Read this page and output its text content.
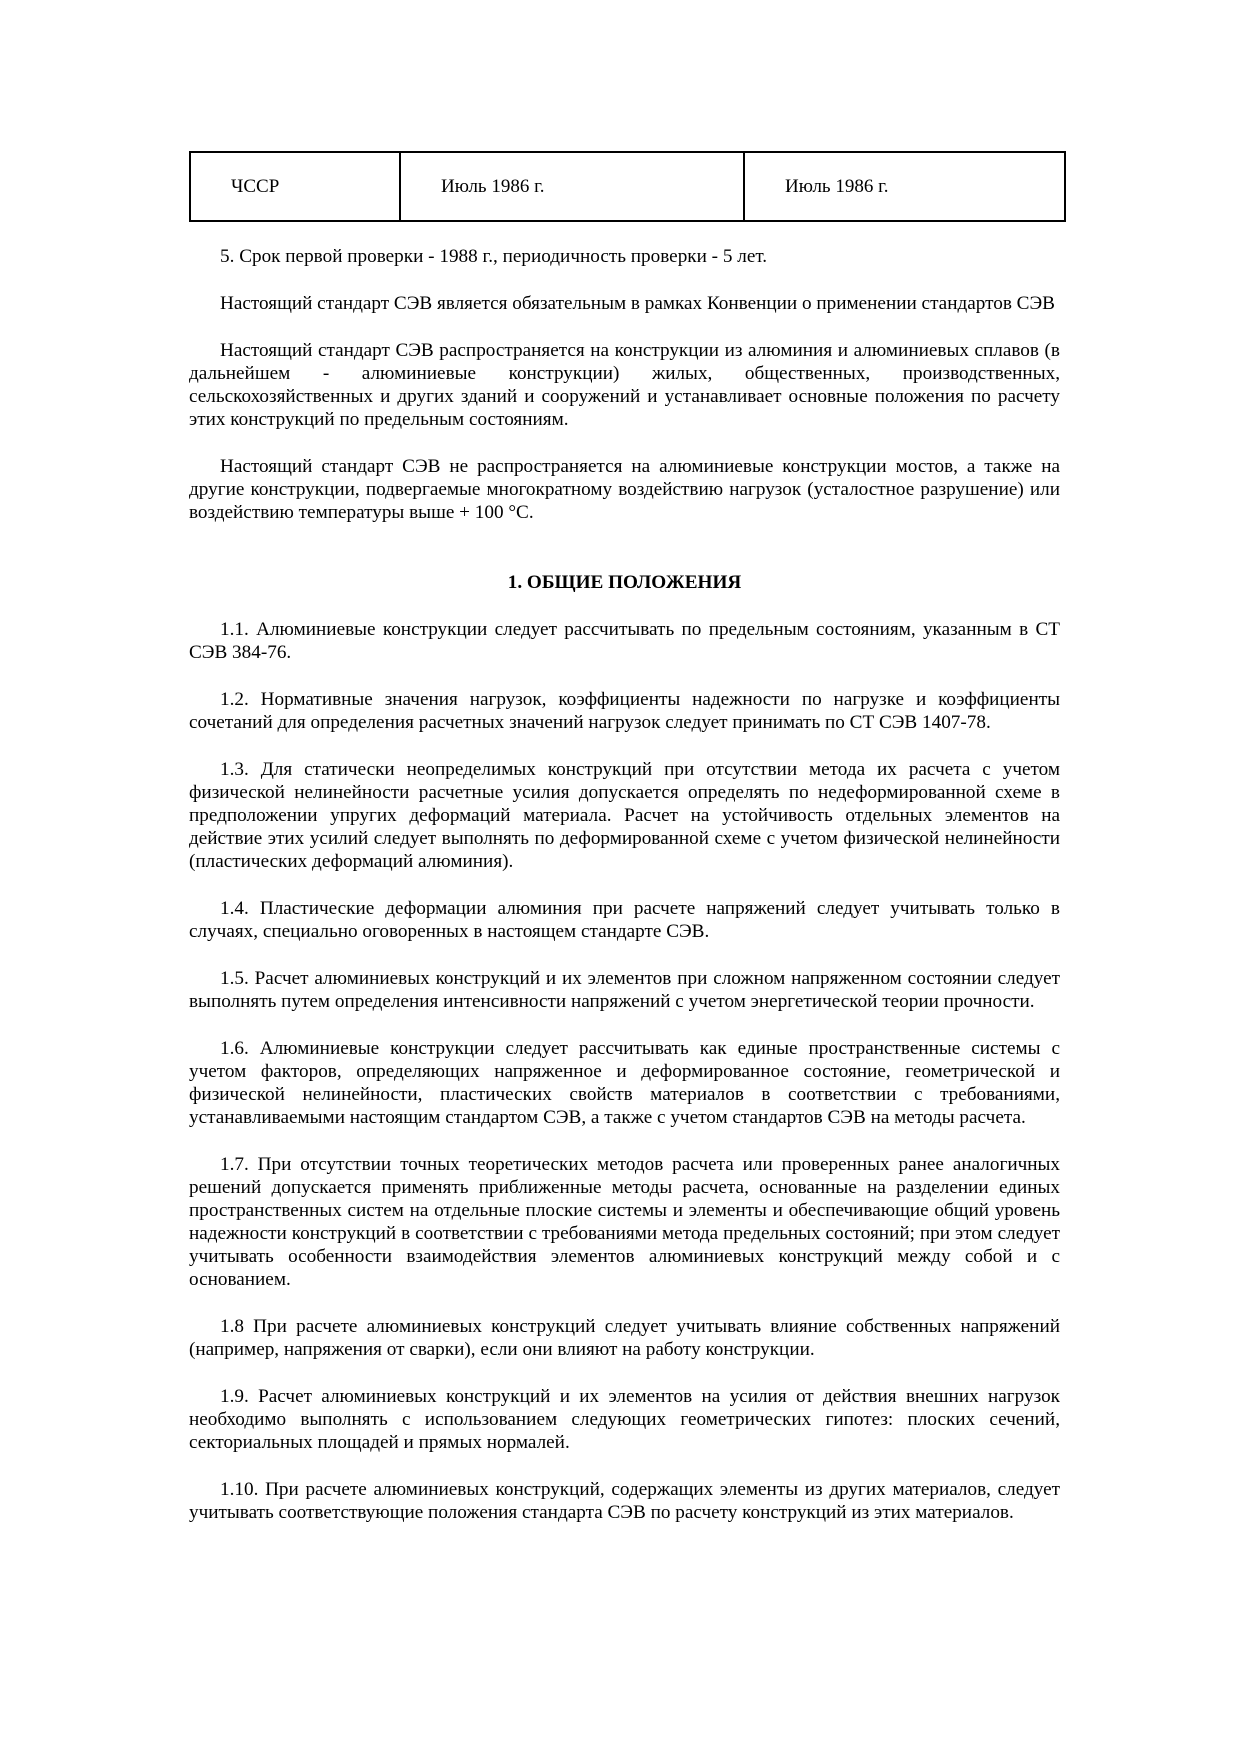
ЧССР	Июль 1986 г.	Июль 1986 г.

5. Срок первой проверки - 1988 г., периодичность проверки - 5 лет.

Настоящий стандарт СЭВ является обязательным в рамках Конвенции о применении стандартов СЭВ

Настоящий стандарт СЭВ распространяется на конструкции из алюминия и алюминиевых сплавов (в дальнейшем - алюминиевые конструкции) жилых, общественных, производственных, сельскохозяйственных и других зданий и сооружений и устанавливает основные положения по расчету этих конструкций по предельным состояниям.

Настоящий стандарт СЭВ не распространяется на алюминиевые конструкции мостов, а также на другие конструкции, подвергаемые многократному воздействию нагрузок (усталостное разрушение) или воздействию температуры выше + 100 °С.

1. ОБЩИЕ ПОЛОЖЕНИЯ

1.1. Алюминиевые конструкции следует рассчитывать по предельным состояниям, указанным в СТ СЭВ 384-76.

1.2. Нормативные значения нагрузок, коэффициенты надежности по нагрузке и коэффициенты сочетаний для определения расчетных значений нагрузок следует принимать по СТ СЭВ 1407-78.

1.3. Для статически неопределимых конструкций при отсутствии метода их расчета с учетом физической нелинейности расчетные усилия допускается определять по недеформированной схеме в предположении упругих деформаций материала. Расчет на устойчивость отдельных элементов на действие этих усилий следует выполнять по деформированной схеме с учетом физической нелинейности (пластических деформаций алюминия).

1.4. Пластические деформации алюминия при расчете напряжений следует учитывать только в случаях, специально оговоренных в настоящем стандарте СЭВ.

1.5. Расчет алюминиевых конструкций и их элементов при сложном напряженном состоянии следует выполнять путем определения интенсивности напряжений с учетом энергетической теории прочности.

1.6. Алюминиевые конструкции следует рассчитывать как единые пространственные системы с учетом факторов, определяющих напряженное и деформированное состояние, геометрической и физической нелинейности, пластических свойств материалов в соответствии с требованиями, устанавливаемыми настоящим стандартом СЭВ, а также с учетом стандартов СЭВ на методы расчета.

1.7. При отсутствии точных теоретических методов расчета или проверенных ранее аналогичных решений допускается применять приближенные методы расчета, основанные на разделении единых пространственных систем на отдельные плоские системы и элементы и обеспечивающие общий уровень надежности конструкций в соответствии с требованиями метода предельных состояний; при этом следует учитывать особенности взаимодействия элементов алюминиевых конструкций между собой и с основанием.

1.8 При расчете алюминиевых конструкций следует учитывать влияние собственных напряжений (например, напряжения от сварки), если они влияют на работу конструкции.

1.9. Расчет алюминиевых конструкций и их элементов на усилия от действия внешних нагрузок необходимо выполнять с использованием следующих геометрических гипотез: плоских сечений, секториальных площадей и прямых нормалей.

1.10. При расчете алюминиевых конструкций, содержащих элементы из других материалов, следует учитывать соответствующие положения стандарта СЭВ по расчету конструкций из этих материалов.
